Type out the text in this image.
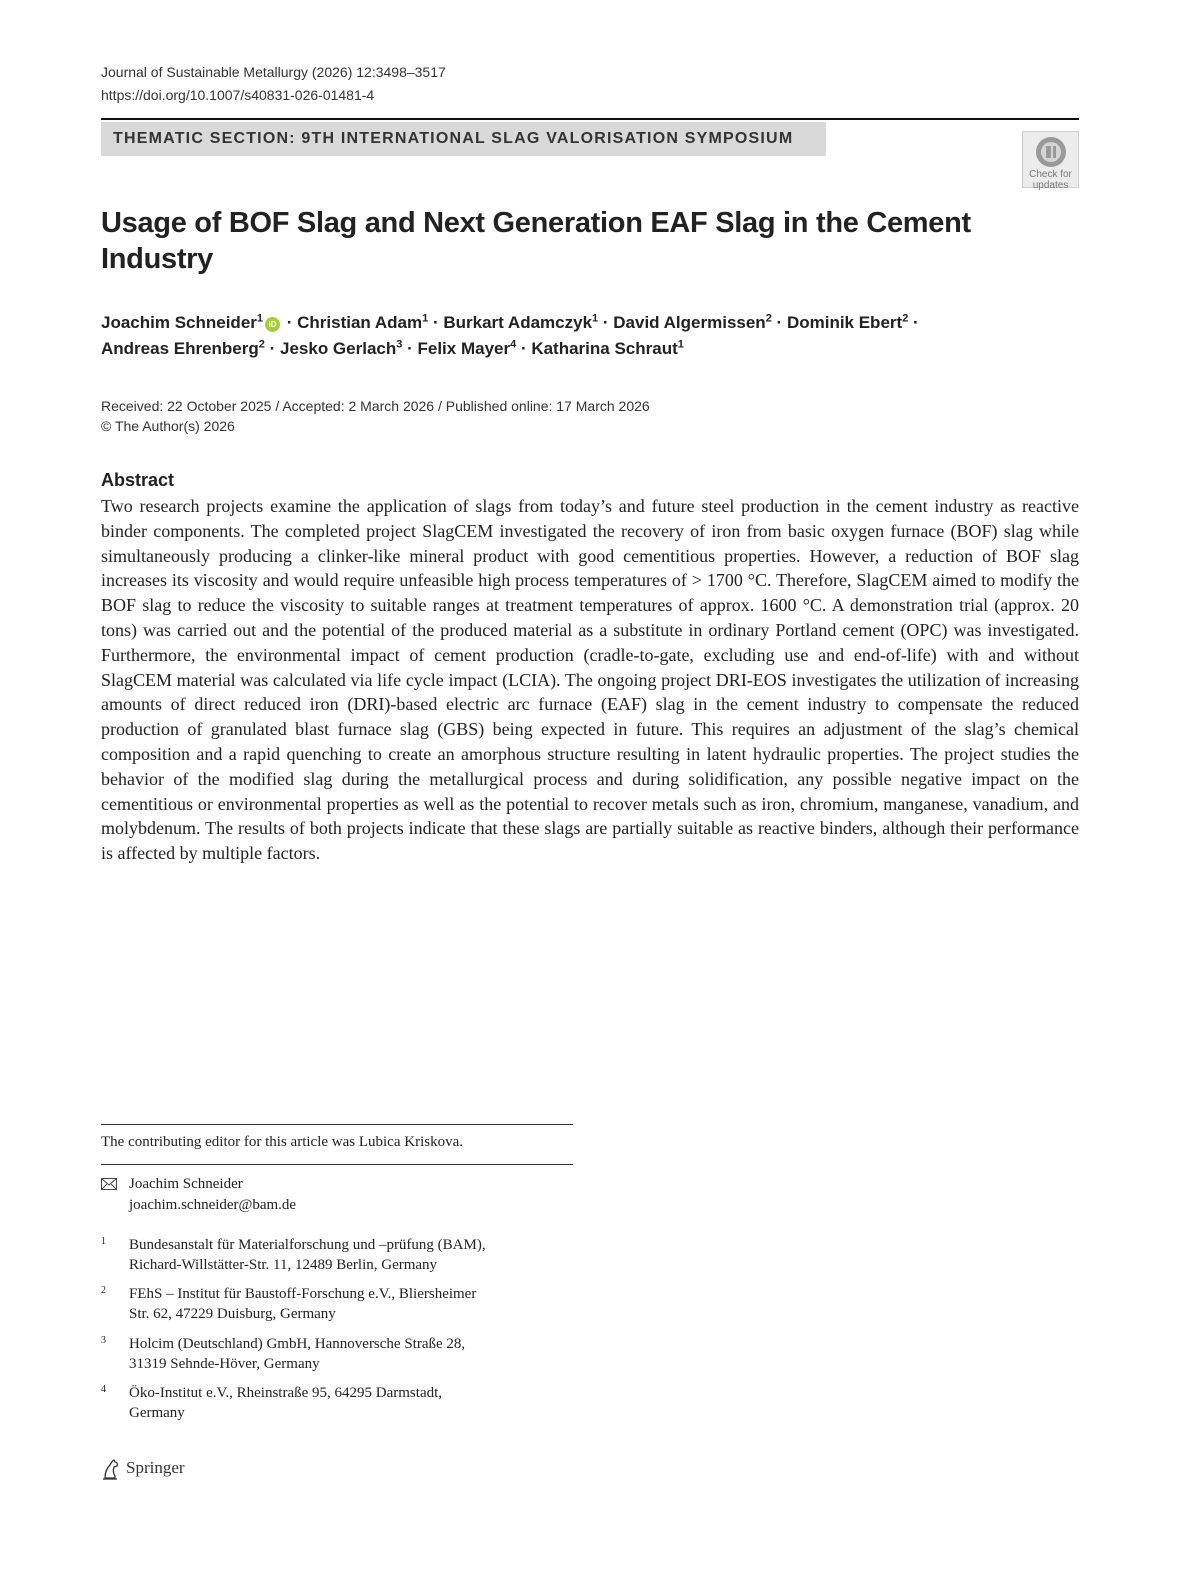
Journal of Sustainable Metallurgy (2026) 12:3498–3517
https://doi.org/10.1007/s40831-026-01481-4
THEMATIC SECTION: 9TH INTERNATIONAL SLAG VALORISATION SYMPOSIUM
Check for
updates
Usage of BOF Slag and Next Generation EAF Slag in the Cement Industry
Joachim Schneider$^1$iD · Christian Adam$^1$ · Burkart Adamczyk$^1$ · David Algermissen$^2$ · Dominik Ebert$^2$ ·
Andreas Ehrenberg$^2$ · Jesko Gerlach$^3$ · Felix Mayer$^4$ · Katharina Schraut$^1$
Received: 22 October 2025 / Accepted: 2 March 2026 / Published online: 17 March 2026
© The Author(s) 2026
Abstract
Two research projects examine the application of slags from today’s and future steel production in the cement industry as reactive binder components. The completed project SlagCEM investigated the recovery of iron from basic oxygen furnace (BOF) slag while simultaneously producing a clinker-like mineral product with good cementitious properties. However, a reduction of BOF slag increases its viscosity and would require unfeasible high process temperatures of > 1700 °C. Therefore, SlagCEM aimed to modify the BOF slag to reduce the viscosity to suitable ranges at treatment temperatures of approx. 1600 °C. A demonstration trial (approx. 20 tons) was carried out and the potential of the produced material as a substitute in ordinary Portland cement (OPC) was investigated. Furthermore, the environmental impact of cement production (cradle-to-gate, excluding use and end-of-life) with and without SlagCEM material was calculated via life cycle impact (LCIA). The ongoing project DRI-EOS investigates the utilization of increasing amounts of direct reduced iron (DRI)-based electric arc furnace (EAF) slag in the cement industry to compensate the reduced production of granulated blast furnace slag (GBS) being expected in future. This requires an adjustment of the slag’s chemical composition and a rapid quenching to create an amorphous structure resulting in latent hydraulic properties. The project studies the behavior of the modified slag during the metallurgical process and during solidification, any possible negative impact on the cementitious or environmental properties as well as the potential to recover metals such as iron, chromium, manganese, vanadium, and molybdenum. The results of both projects indicate that these slags are partially suitable as reactive binders, although their performance is affected by multiple factors.
The contributing editor for this article was Lubica Kriskova.
Joachim Schneider
joachim.schneider@bam.de
1 Bundesanstalt für Materialforschung und –prüfung (BAM),
Richard-Willstätter-Str. 11, 12489 Berlin, Germany
2 FEhS – Institut für Baustoff-Forschung e.V., Bliersheimer
Str. 62, 47229 Duisburg, Germany
3 Holcim (Deutschland) GmbH, Hannoversche Straße 28,
31319 Sehnde-Höver, Germany
4 Öko-Institut e.V., Rheinstraße 95, 64295 Darmstadt,
Germany
Springer
